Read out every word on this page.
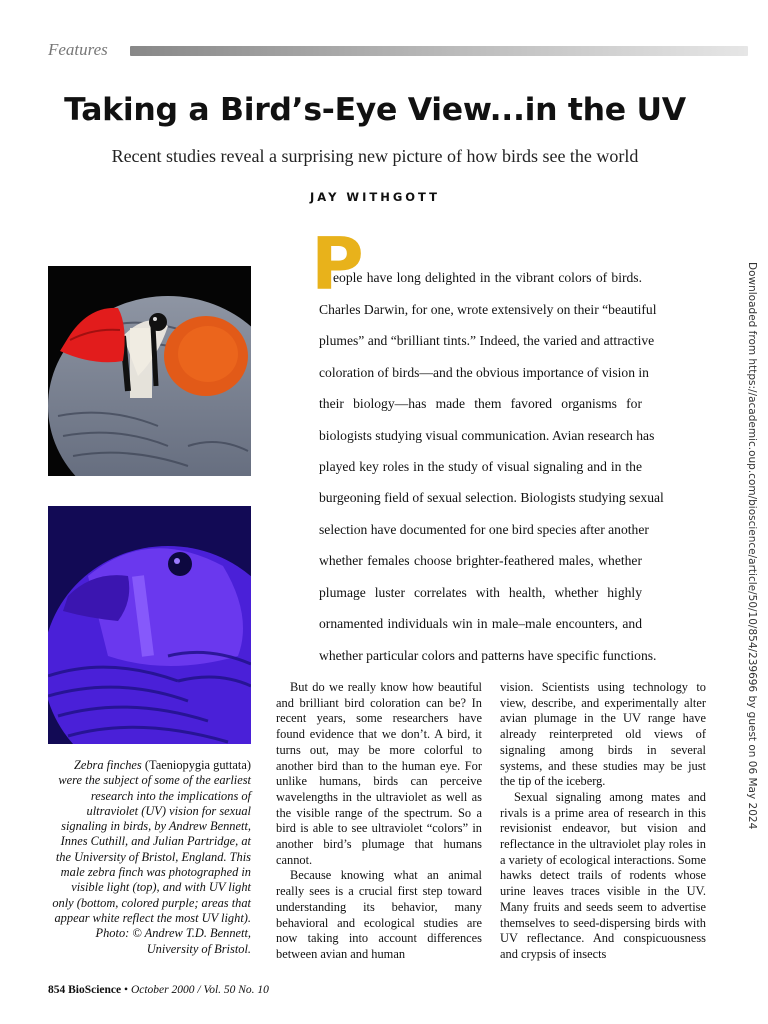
Features
Taking a Bird’s-Eye View...in the UV
Recent studies reveal a surprising new picture of how birds see the world
JAY WITHGOTT
Zebra finches (Taeniopygia guttata) were the subject of some of the earliest research into the implications of ultraviolet (UV) vision for sexual signaling in birds, by Andrew Bennett, Innes Cuthill, and Julian Partridge, at the University of Bristol, England. This male zebra finch was photographed in visible light (top), and with UV light only (bottom, colored purple; areas that appear white reflect the most UV light). Photo: © Andrew T.D. Bennett, University of Bristol.
P
eople have long delighted in the vibrant colors of birds.
Charles Darwin, for one, wrote extensively on their “beautiful
plumes” and “brilliant tints.” Indeed, the varied and attractive
coloration of birds—and the obvious importance of vision in
their biology—has made them favored organisms for
biologists studying visual communication. Avian research has
played key roles in the study of visual signaling and in the
burgeoning field of sexual selection. Biologists studying sexual
selection have documented for one bird species after another
whether females choose brighter-feathered males, whether
plumage luster correlates with health, whether highly
ornamented individuals win in male–male encounters, and
whether particular colors and patterns have specific functions.

But do we really know how beautiful and brilliant bird coloration can be? In recent years, some researchers have found evidence that we don’t. A bird, it turns out, may be more colorful to another bird than to the human eye. For unlike humans, birds can perceive wavelengths in the ultraviolet as well as the visible range of the spectrum. So a bird is able to see ultraviolet “colors” in another bird’s plumage that humans cannot.

Because knowing what an animal really sees is a crucial first step toward understanding its behavior, many behavioral and ecological studies are now taking into account differences between avian and human

vision. Scientists using technology to view, describe, and experimentally alter avian plumage in the UV range have already reinterpreted old views of signaling among birds in several systems, and these studies may be just the tip of the iceberg.

Sexual signaling among mates and rivals is a prime area of research in this revisionist endeavor, but vision and reflectance in the ultraviolet play roles in a variety of ecological interactions. Some hawks detect trails of rodents whose urine leaves traces visible in the UV. Many fruits and seeds seem to advertise themselves to seed-dispersing birds with UV reflectance. And conspicuousness and crypsis of insects

Downloaded from https://academic.oup.com/bioscience/article/50/10/854/239696 by guest on 06 May 2024
854 BioScience • October 2000 / Vol. 50 No. 10
